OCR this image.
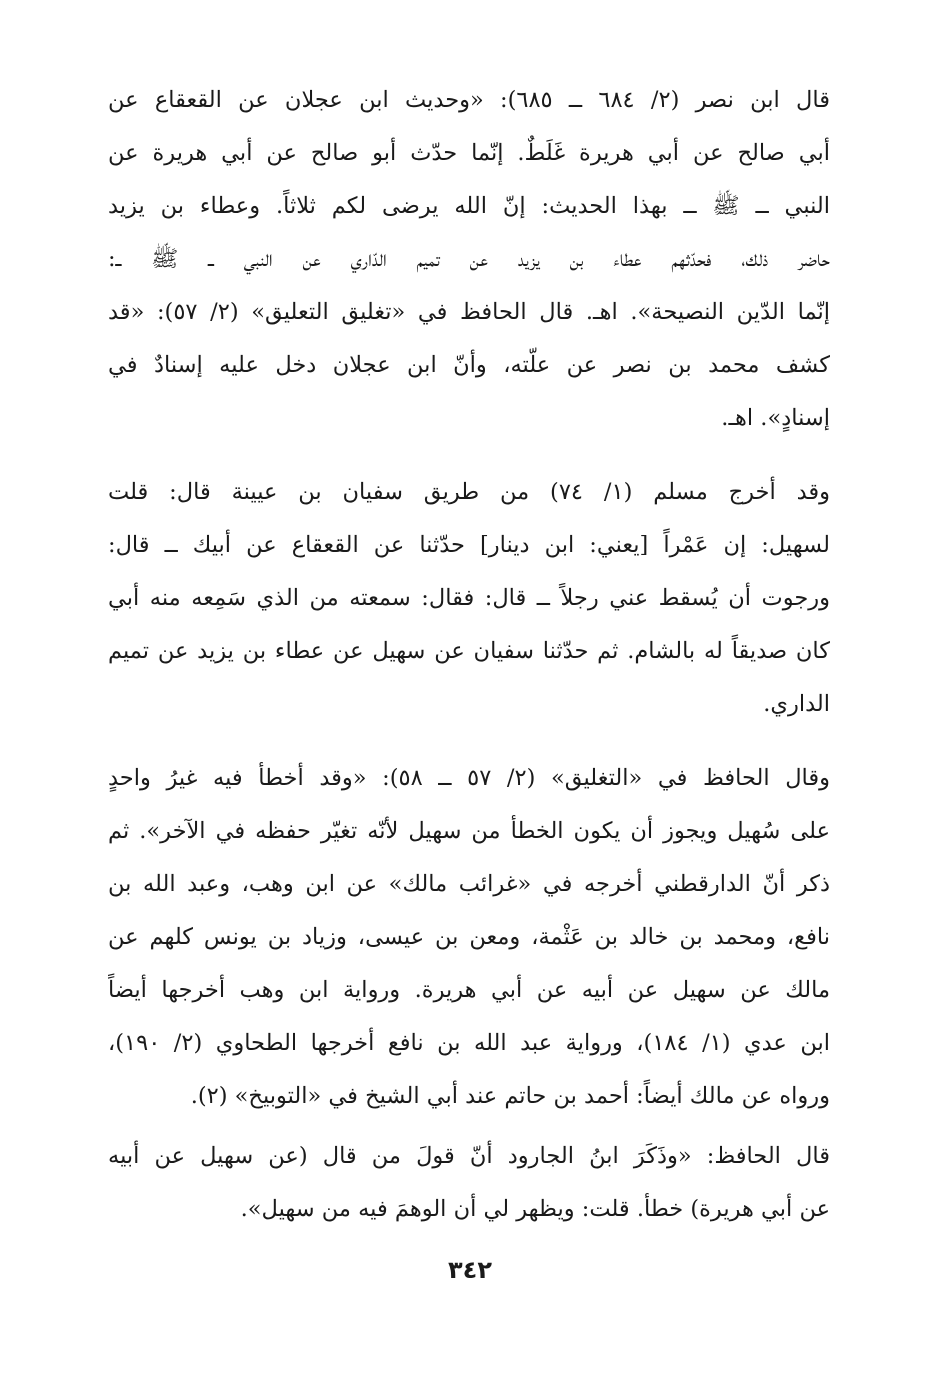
قال ابن نصر (٢/ ٦٨٤ ــ ٦٨٥): «وحديث ابن عجلان عن القعقاع عن
أبي صالح عن أبي هريرة غَلَطٌ. إنّما حدّث أبو صالح عن أبي هريرة عن
النبي ــ ﷺ ــ بهذا الحديث: إنّ الله يرضى لكم ثلاثاً. وعطاء بن يزيد
حاضر ذلك، فحدّثهم عطاء بن يزيد عن تميم الدّاري عن النبي ــ ﷺ ــ:
إنّما الدّين النصيحة». اهـ. قال الحافظ في «تغليق التعليق» (٢/ ٥٧): «قد
كشف محمد بن نصر عن علّته، وأنّ ابن عجلان دخل عليه إسنادٌ في
إسنادٍ». اهـ.
وقد أخرج مسلم (١/ ٧٤) من طريق سفيان بن عيينة قال: قلت
لسهيل: إن عَمْراً [يعني: ابن دينار] حدّثنا عن القعقاع عن أبيك ــ قال:
ورجوت أن يُسقط عني رجلاً ــ قال: فقال: سمعته من الذي سَمِعه منه أبي
كان صديقاً له بالشام. ثم حدّثنا سفيان عن سهيل عن عطاء بن يزيد عن تميم
الداري.
وقال الحافظ في «التغليق» (٢/ ٥٧ ــ ٥٨): «وقد أخطأ فيه غيرُ واحدٍ
على سُهيل ويجوز أن يكون الخطأ من سهيل لأنّه تغيّر حفظه في الآخر». ثم
ذكر أنّ الدارقطني أخرجه في «غرائب مالك» عن ابن وهب، وعبد الله بن
نافع، ومحمد بن خالد بن عَثْمة، ومعن بن عيسى، وزياد بن يونس كلهم عن
مالك عن سهيل عن أبيه عن أبي هريرة. ورواية ابن وهب أخرجها أيضاً
ابن عدي (١/ ١٨٤)، ورواية عبد الله بن نافع أخرجها الطحاوي (٢/ ١٩٠)،
ورواه عن مالك أيضاً: أحمد بن حاتم عند أبي الشيخ في «التوبيخ» (٢).
قال الحافظ: «وذَكَرَ ابنُ الجارود أنّ قولَ من قال (عن سهيل عن أبيه
عن أبي هريرة) خطأ. قلت: ويظهر لي أن الوهمَ فيه من سهيل».
٣٤٢
